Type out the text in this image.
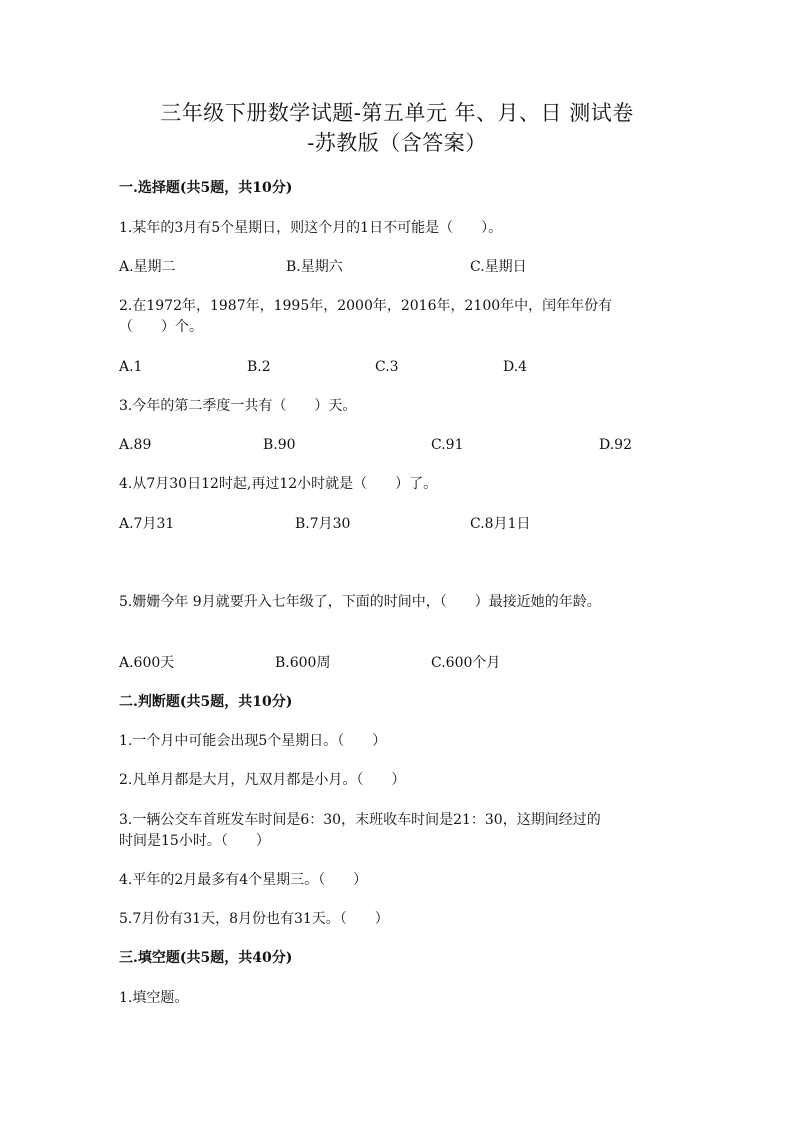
三年级下册数学试题-第五单元 年、月、日 测试卷
-苏教版（含答案）
一.选择题(共5题，共10分)
1.某年的3月有5个星期日，则这个月的1日不可能是（　　）。
A.星期二	B.星期六	C.星期日
2.在1972年，1987年，1995年，2000年，2016年，2100年中，闰年年份有
（　　）个。
A.1	B.2	C.3	D.4
3.今年的第二季度一共有（　　）天。
A.89	B.90	C.91	D.92
4.从7月30日12时起,再过12小时就是（　　）了。
A.7月31	B.7月30	C.8月1日
5.姗姗今年 9月就要升入七年级了，下面的时间中，（　　）最接近她的年龄。
A.600天	B.600周	C.600个月
二.判断题(共5题，共10分)
1.一个月中可能会出现5个星期日。（　　）
2.凡单月都是大月，凡双月都是小月。（　　）
3.一辆公交车首班发车时间是6：30，末班收车时间是21：30，这期间经过的
时间是15小时。（　　）
4.平年的2月最多有4个星期三。（　　）
5.7月份有31天，8月份也有31天。（　　）
三.填空题(共5题，共40分)
1.填空题。
